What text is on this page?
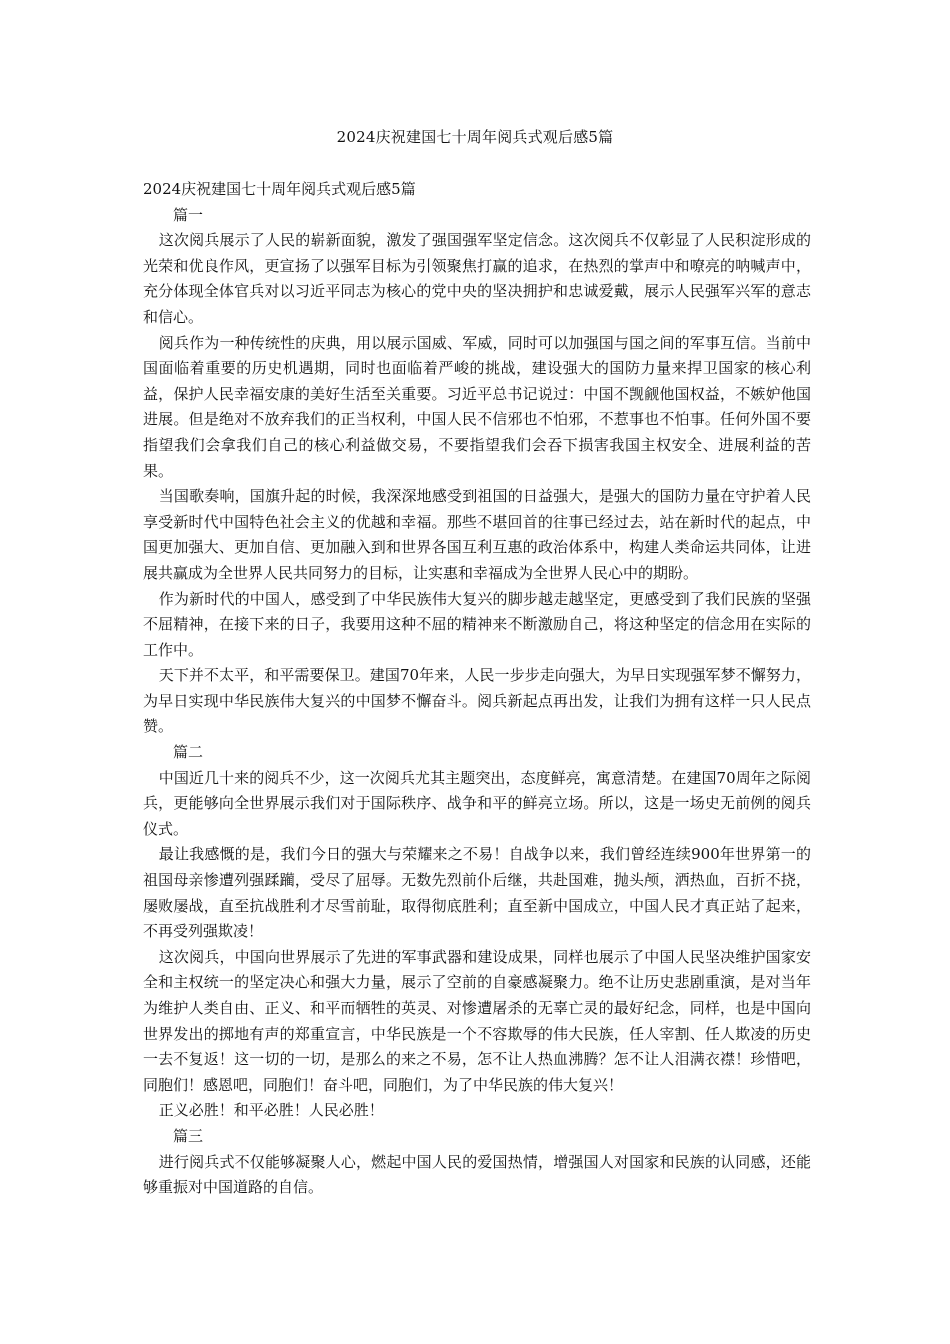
2024庆祝建国七十周年阅兵式观后感5篇

2024庆祝建国七十周年阅兵式观后感5篇

篇一

这次阅兵展示了人民的崭新面貌，激发了强国强军坚定信念。这次阅兵不仅彰显了人民积淀形成的光荣和优良作风，更宣扬了以强军目标为引领聚焦打赢的追求，在热烈的掌声中和嘹亮的呐喊声中，充分体现全体官兵对以习近平同志为核心的党中央的坚决拥护和忠诚爱戴，展示人民强军兴军的意志和信心。

阅兵作为一种传统性的庆典，用以展示国威、军威，同时可以加强国与国之间的军事互信。当前中国面临着重要的历史机遇期，同时也面临着严峻的挑战，建设强大的国防力量来捍卫国家的核心利益，保护人民幸福安康的美好生活至关重要。习近平总书记说过：中国不觊觎他国权益，不嫉妒他国进展。但是绝对不放弃我们的正当权利，中国人民不信邪也不怕邪，不惹事也不怕事。任何外国不要指望我们会拿我们自己的核心利益做交易，不要指望我们会吞下损害我国主权安全、进展利益的苦果。

当国歌奏响，国旗升起的时候，我深深地感受到祖国的日益强大，是强大的国防力量在守护着人民享受新时代中国特色社会主义的优越和幸福。那些不堪回首的往事已经过去，站在新时代的起点，中国更加强大、更加自信、更加融入到和世界各国互利互惠的政治体系中，构建人类命运共同体，让进展共赢成为全世界人民共同努力的目标，让实惠和幸福成为全世界人民心中的期盼。

作为新时代的中国人，感受到了中华民族伟大复兴的脚步越走越坚定，更感受到了我们民族的坚强不屈精神，在接下来的日子，我要用这种不屈的精神来不断激励自己，将这种坚定的信念用在实际的工作中。

天下并不太平，和平需要保卫。建国70年来，人民一步步走向强大，为早日实现强军梦不懈努力，为早日实现中华民族伟大复兴的中国梦不懈奋斗。阅兵新起点再出发，让我们为拥有这样一只人民点赞。

篇二

中国近几十来的阅兵不少，这一次阅兵尤其主题突出，态度鲜亮，寓意清楚。在建国70周年之际阅兵，更能够向全世界展示我们对于国际秩序、战争和平的鲜亮立场。所以，这是一场史无前例的阅兵仪式。

最让我感慨的是，我们今日的强大与荣耀来之不易！自战争以来，我们曾经连续900年世界第一的祖国母亲惨遭列强蹂躏，受尽了屈辱。无数先烈前仆后继，共赴国难，抛头颅，洒热血，百折不挠，屡败屡战，直至抗战胜利才尽雪前耻，取得彻底胜利；直至新中国成立，中国人民才真正站了起来，不再受列强欺凌！

这次阅兵，中国向世界展示了先进的军事武器和建设成果，同样也展示了中国人民坚决维护国家安全和主权统一的坚定决心和强大力量，展示了空前的自豪感凝聚力。绝不让历史悲剧重演，是对当年为维护人类自由、正义、和平而牺牲的英灵、对惨遭屠杀的无辜亡灵的最好纪念，同样，也是中国向世界发出的掷地有声的郑重宣言，中华民族是一个不容欺辱的伟大民族，任人宰割、任人欺凌的历史一去不复返！这一切的一切，是那么的来之不易，怎不让人热血沸腾？怎不让人泪满衣襟！珍惜吧，同胞们！感恩吧，同胞们！奋斗吧，同胞们，为了中华民族的伟大复兴！

正义必胜！和平必胜！人民必胜！

篇三

进行阅兵式不仅能够凝聚人心，燃起中国人民的爱国热情，增强国人对国家和民族的认同感，还能够重振对中国道路的自信。
